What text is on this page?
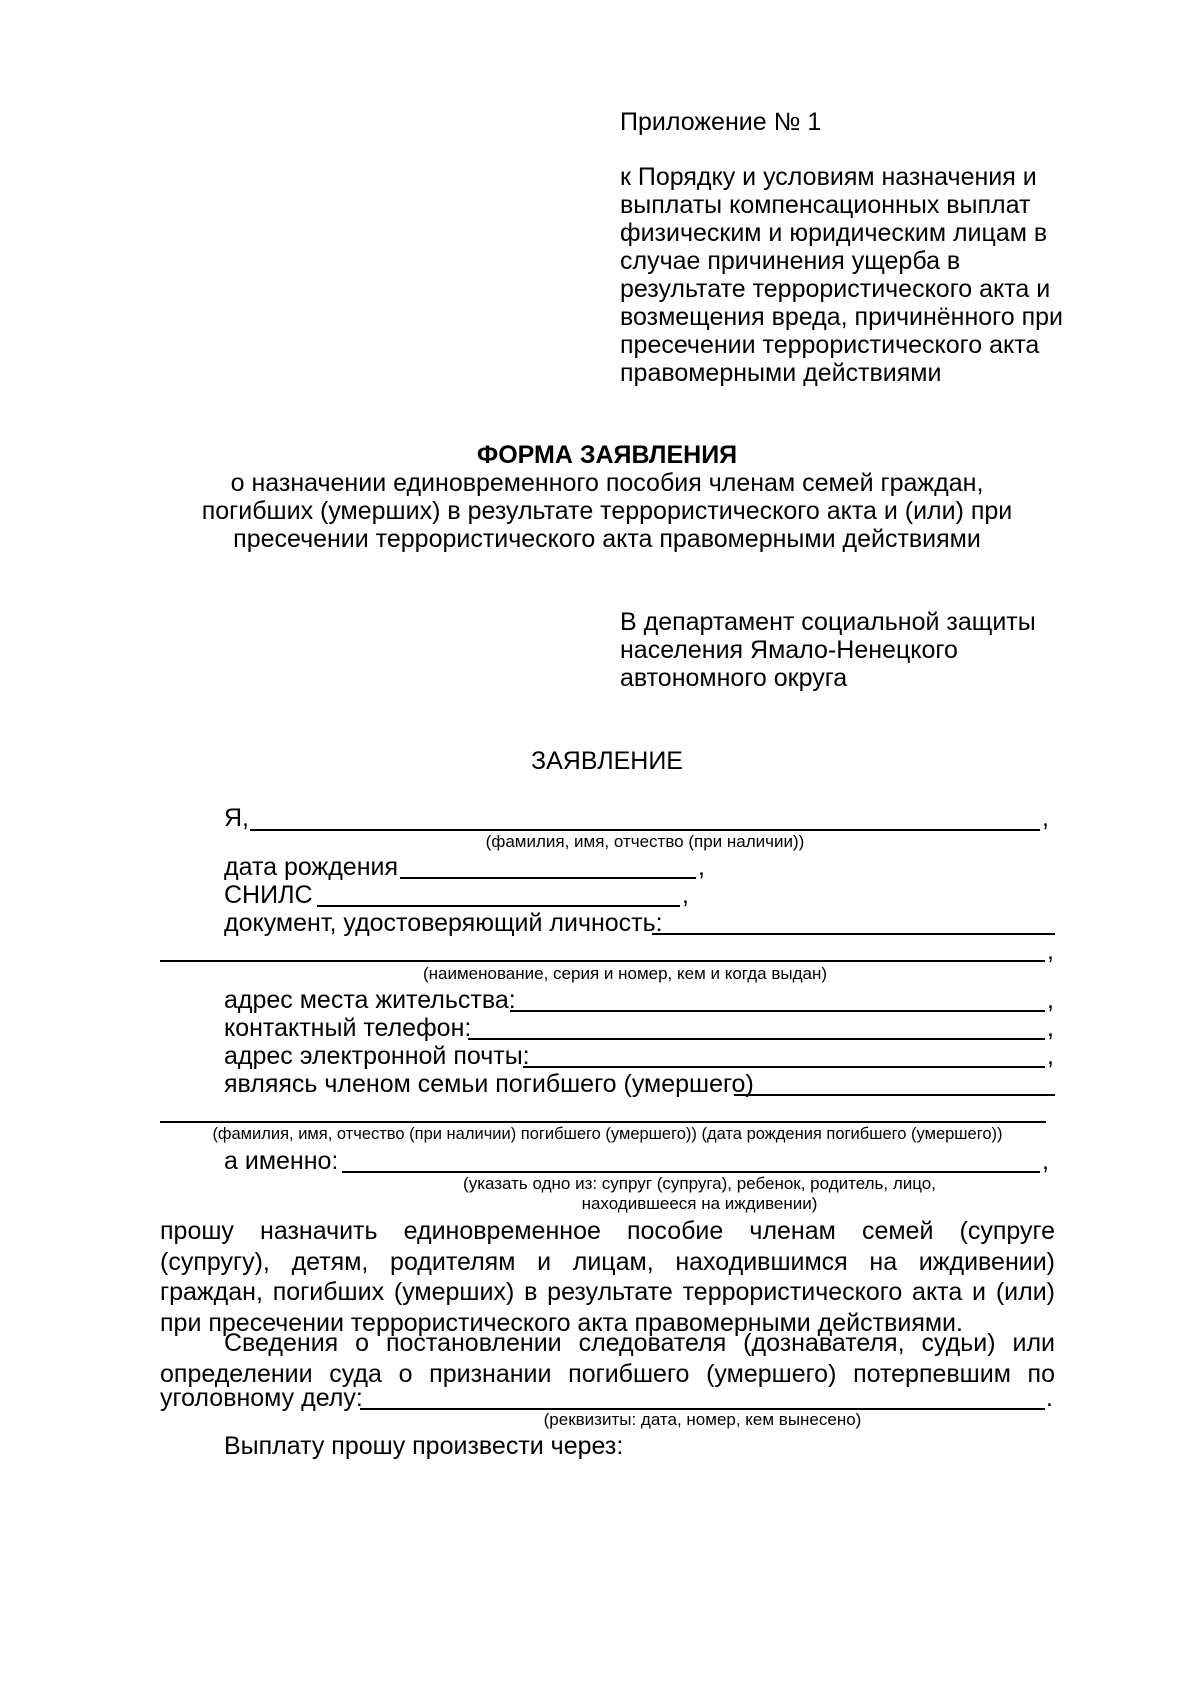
Приложение № 1
к Порядку и условиям назначения и
выплаты компенсационных выплат
физическим и юридическим лицам в
случае причинения ущерба в
результате террористического акта и
возмещения вреда, причинённого при
пресечении террористического акта
правомерными действиями
ФОРМА ЗАЯВЛЕНИЯ
о назначении единовременного пособия членам семей граждан,
погибших (умерших) в результате террористического акта и (или) при
пресечении террористического акта правомерными действиями
В департамент социальной защиты
населения Ямало-Ненецкого
автономного округа
ЗАЯВЛЕНИЕ
Я,	,
(фамилия, имя, отчество (при наличии))
дата рождения	,
СНИЛС	,
документ, удостоверяющий личность:
,
(наименование, серия и номер, кем и когда выдан)
адрес места жительства:	,
контактный телефон:	,
адрес электронной почты:	,
являясь членом семьи погибшего (умершего)
(фамилия, имя, отчество (при наличии) погибшего (умершего)) (дата рождения погибшего (умершего))
а именно:	,
(указать одно из: супруг (супруга), ребенок, родитель, лицо,
находившееся на иждивении)

прошу назначить единовременное пособие членам семей (супруге (супругу), детям, родителям и лицам, находившимся на иждивении) граждан, погибших (умерших) в результате террористического акта и (или) при пресечении террористического акта правомерными действиями.

Сведения о постановлении следователя (дознавателя, судьи) или определении суда о признании погибшего (умершего) потерпевшим по

уголовному делу:	.
(реквизиты: дата, номер, кем вынесено)
Выплату прошу произвести через:
